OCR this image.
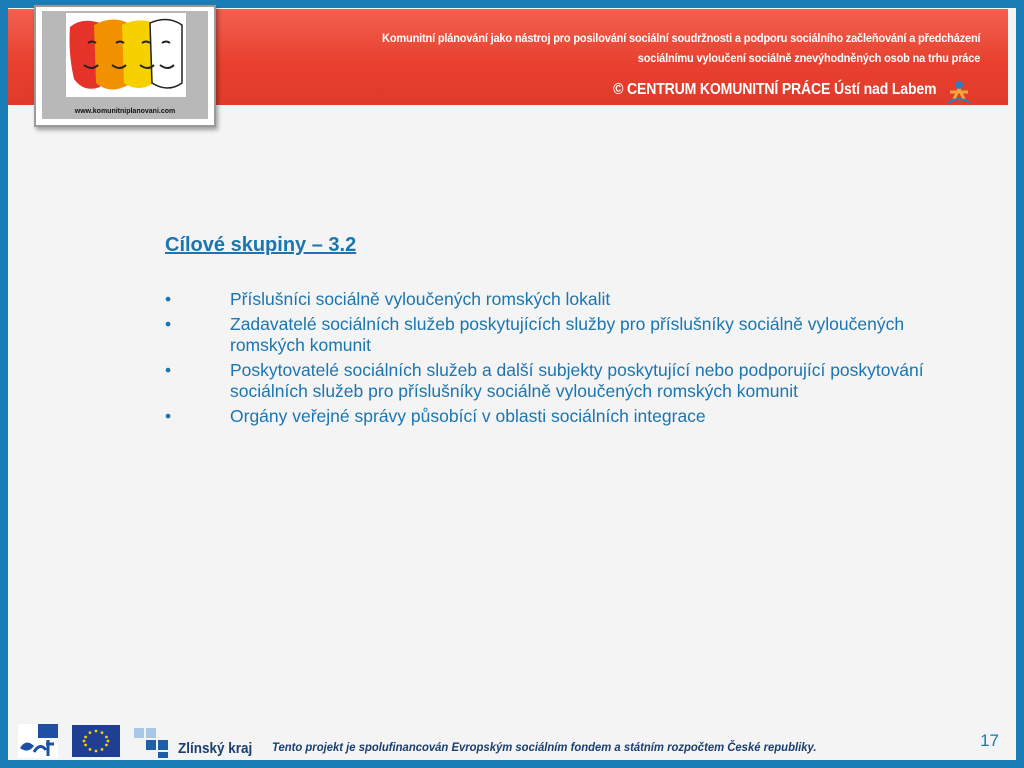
Komunitní plánování jako nástroj pro posilování sociální soudržnosti a podporu sociálního začleňování a předcházení
sociálnímu vyloučení sociálně znevýhodněných osob na trhu práce
© CENTRUM KOMUNITNÍ PRÁCE Ústí nad Labem
www.komunitniplanovani.com
Cílové skupiny – 3.2
•	Příslušníci sociálně vyloučených romských lokalit
•	Zadavatelé sociálních služeb poskytujících služby pro příslušníky sociálně vyloučených romských komunit
•	Poskytovatelé sociálních služeb a další subjekty poskytující nebo podporující poskytování sociálních služeb pro příslušníky sociálně vyloučených romských komunit
•	Orgány veřejné správy působící v oblasti sociálních integrace
Zlínský kraj Tento projekt je spolufinancován Evropským sociálním fondem a státním rozpočtem České republiky.	17
